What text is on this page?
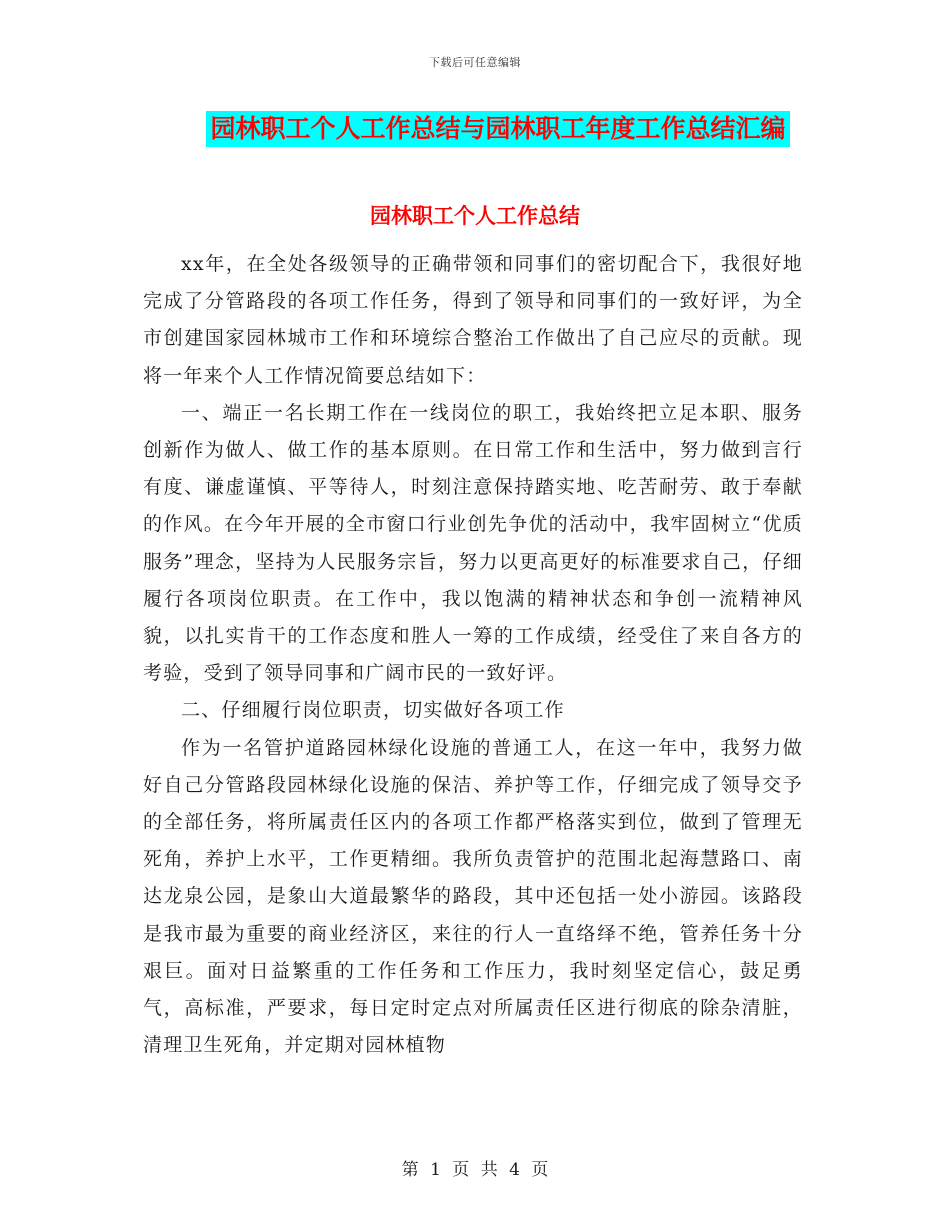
下载后可任意编辑
园林职工个人工作总结与园林职工年度工作总结汇编
园林职工个人工作总结

xx年，在全处各级领导的正确带领和同事们的密切配合下，我很好地完成了分管路段的各项工作任务，得到了领导和同事们的一致好评，为全市创建国家园林城市工作和环境综合整治工作做出了自己应尽的贡献。现将一年来个人工作情况简要总结如下：

一、端正一名长期工作在一线岗位的职工，我始终把立足本职、服务创新作为做人、做工作的基本原则。在日常工作和生活中，努力做到言行有度、谦虚谨慎、平等待人，时刻注意保持踏实地、吃苦耐劳、敢于奉献的作风。在今年开展的全市窗口行业创先争优的活动中，我牢固树立“优质服务”理念，坚持为人民服务宗旨，努力以更高更好的标准要求自己，仔细履行各项岗位职责。在工作中，我以饱满的精神状态和争创一流精神风貌，以扎实肯干的工作态度和胜人一筹的工作成绩，经受住了来自各方的考验，受到了领导同事和广阔市民的一致好评。

二、仔细履行岗位职责，切实做好各项工作

作为一名管护道路园林绿化设施的普通工人，在这一年中，我努力做好自己分管路段园林绿化设施的保洁、养护等工作，仔细完成了领导交予的全部任务，将所属责任区内的各项工作都严格落实到位，做到了管理无死角，养护上水平，工作更精细。我所负责管护的范围北起海慧路口、南达龙泉公园，是象山大道最繁华的路段，其中还包括一处小游园。该路段是我市最为重要的商业经济区，来往的行人一直络绎不绝，管养任务十分艰巨。面对日益繁重的工作任务和工作压力，我时刻坚定信心，鼓足勇气，高标准，严要求，每日定时定点对所属责任区进行彻底的除杂清脏，清理卫生死角，并定期对园林植物

第 1 页 共 4 页
